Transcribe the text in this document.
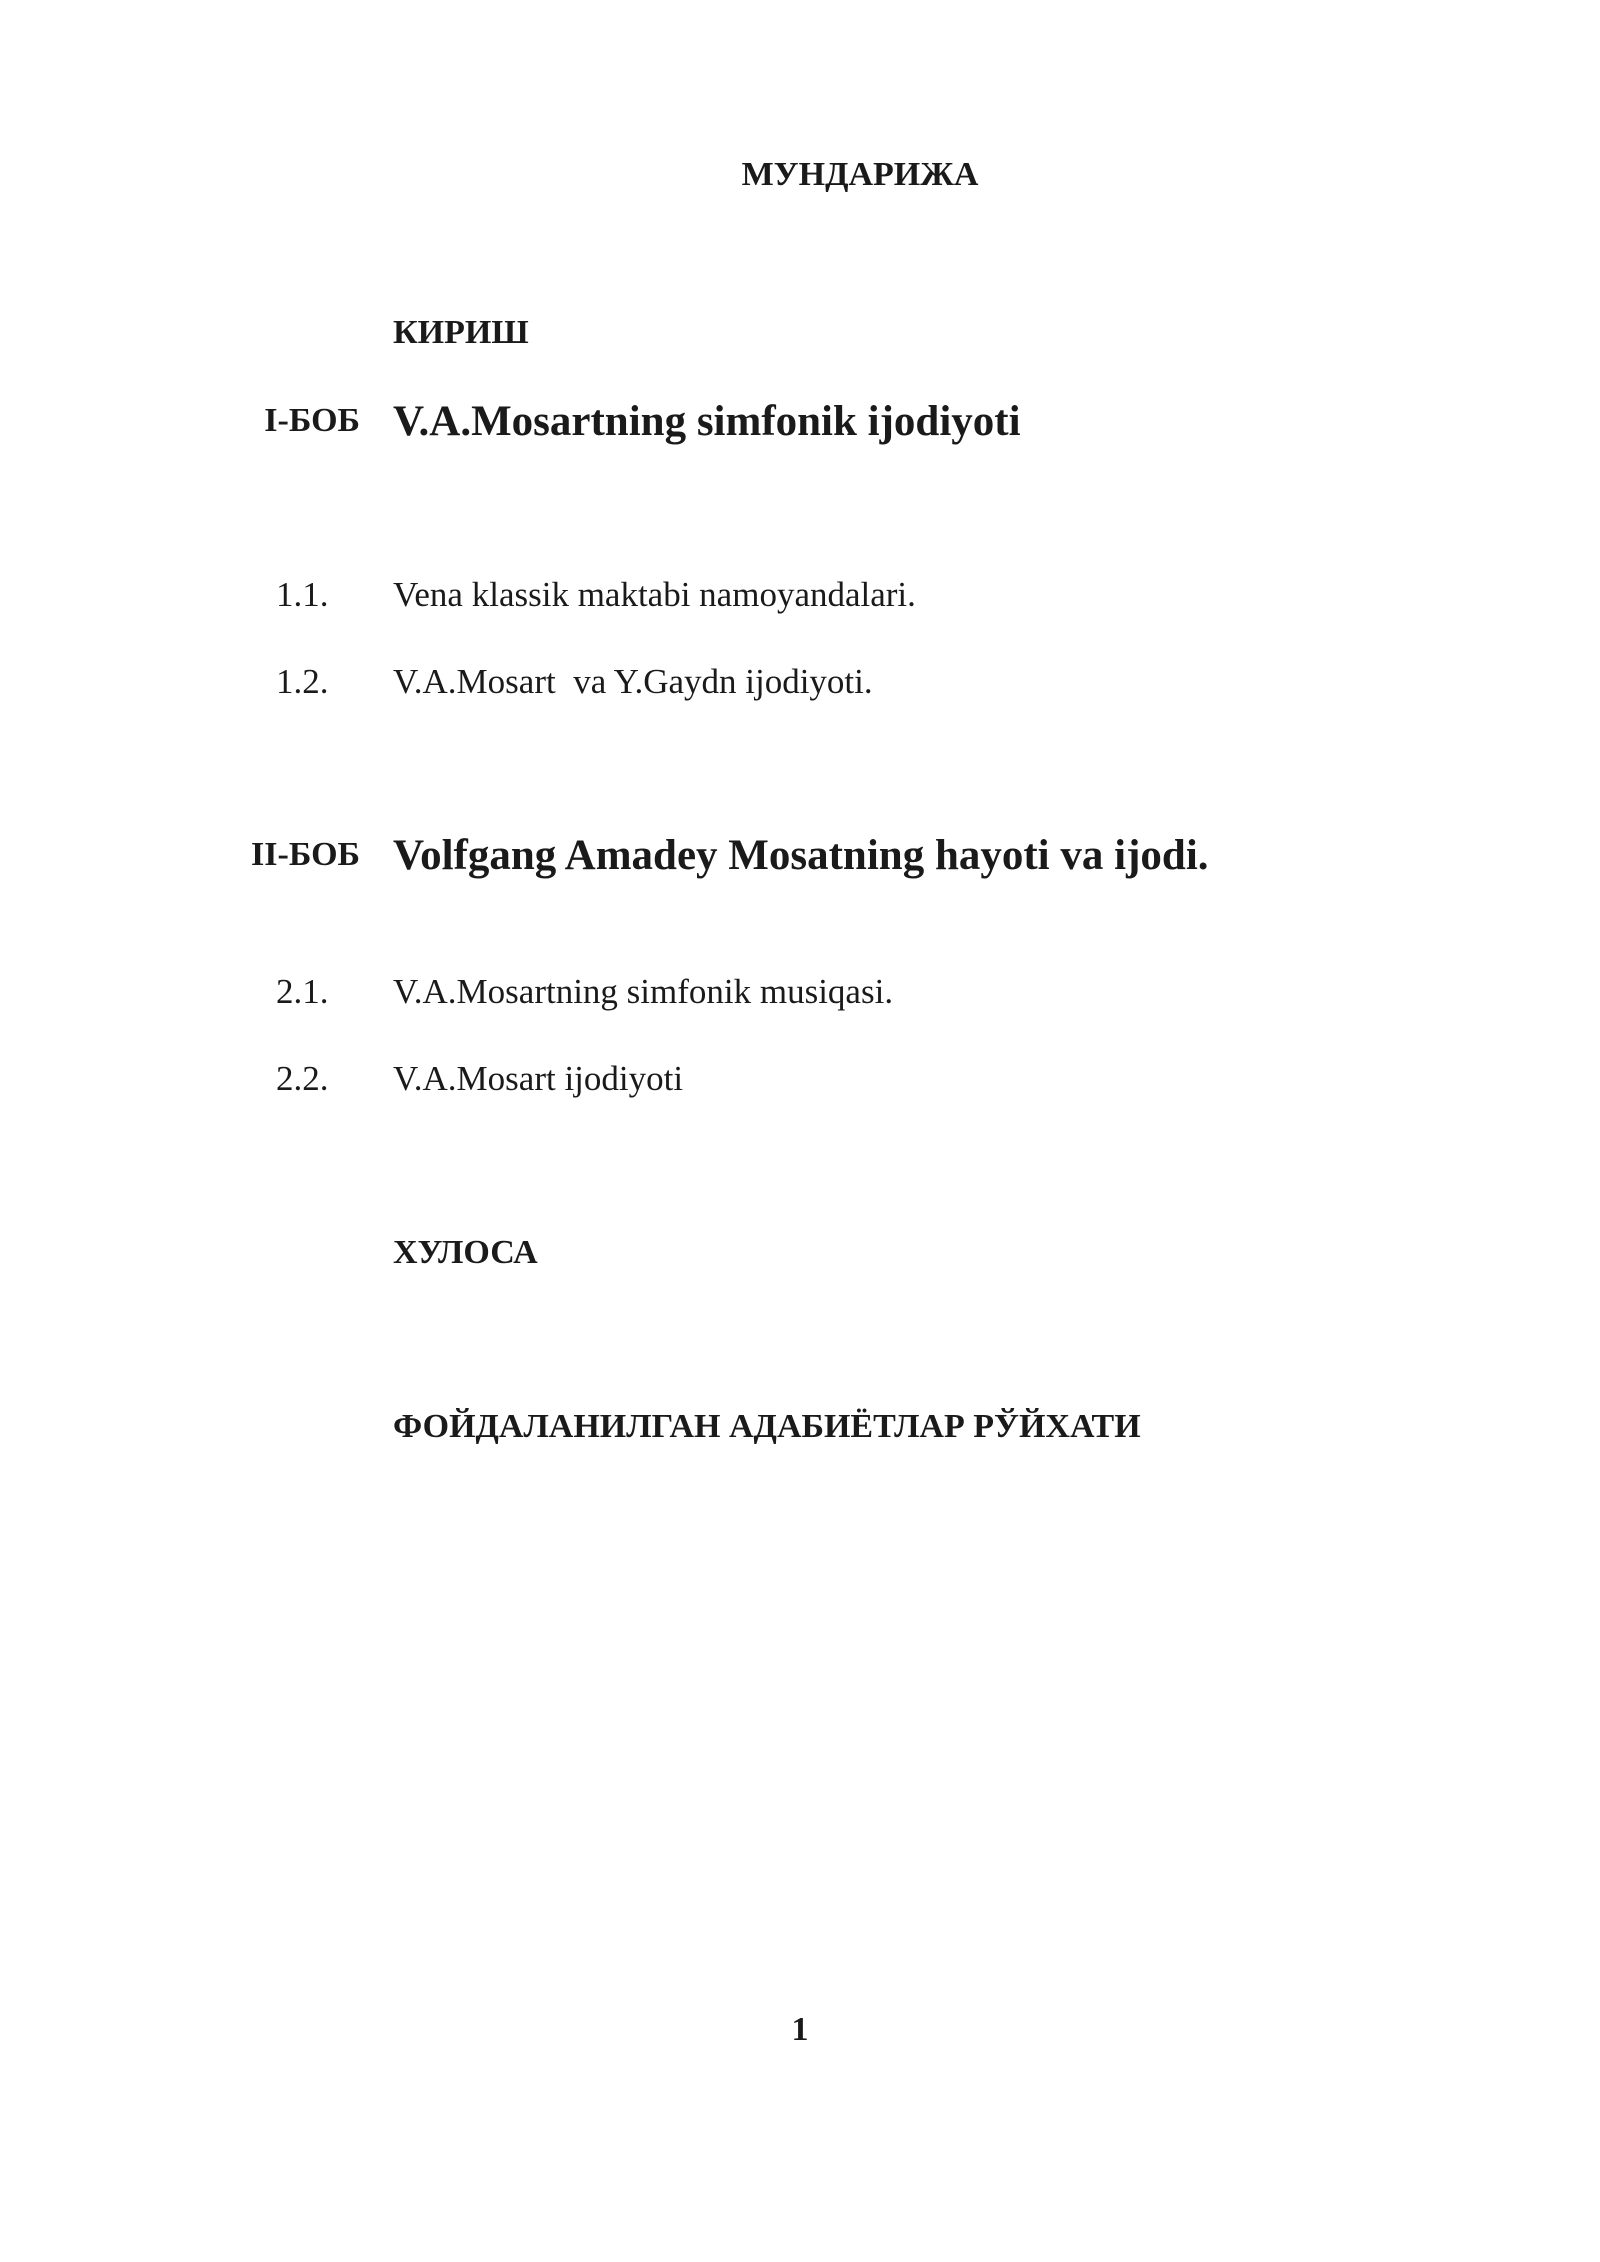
МУНДАРИЖА
КИРИШ
I-БОБ V.A.Mosartning simfonik ijodiyoti
1.1. Vena klassik maktabi namoyandalari.
1.2. V.A.Mosart  va Y.Gaydn ijodiyoti.
II-БОБ Volfgang Amadey Mosatning hayoti va ijodi.
2.1. V.A.Mosartning simfonik musiqasi.
2.2. V.A.Mosart ijodiyoti
ХУЛОСА
ФОЙДАЛАНИЛГАН АДАБИЁТЛАР РЎЙХАТИ
1
